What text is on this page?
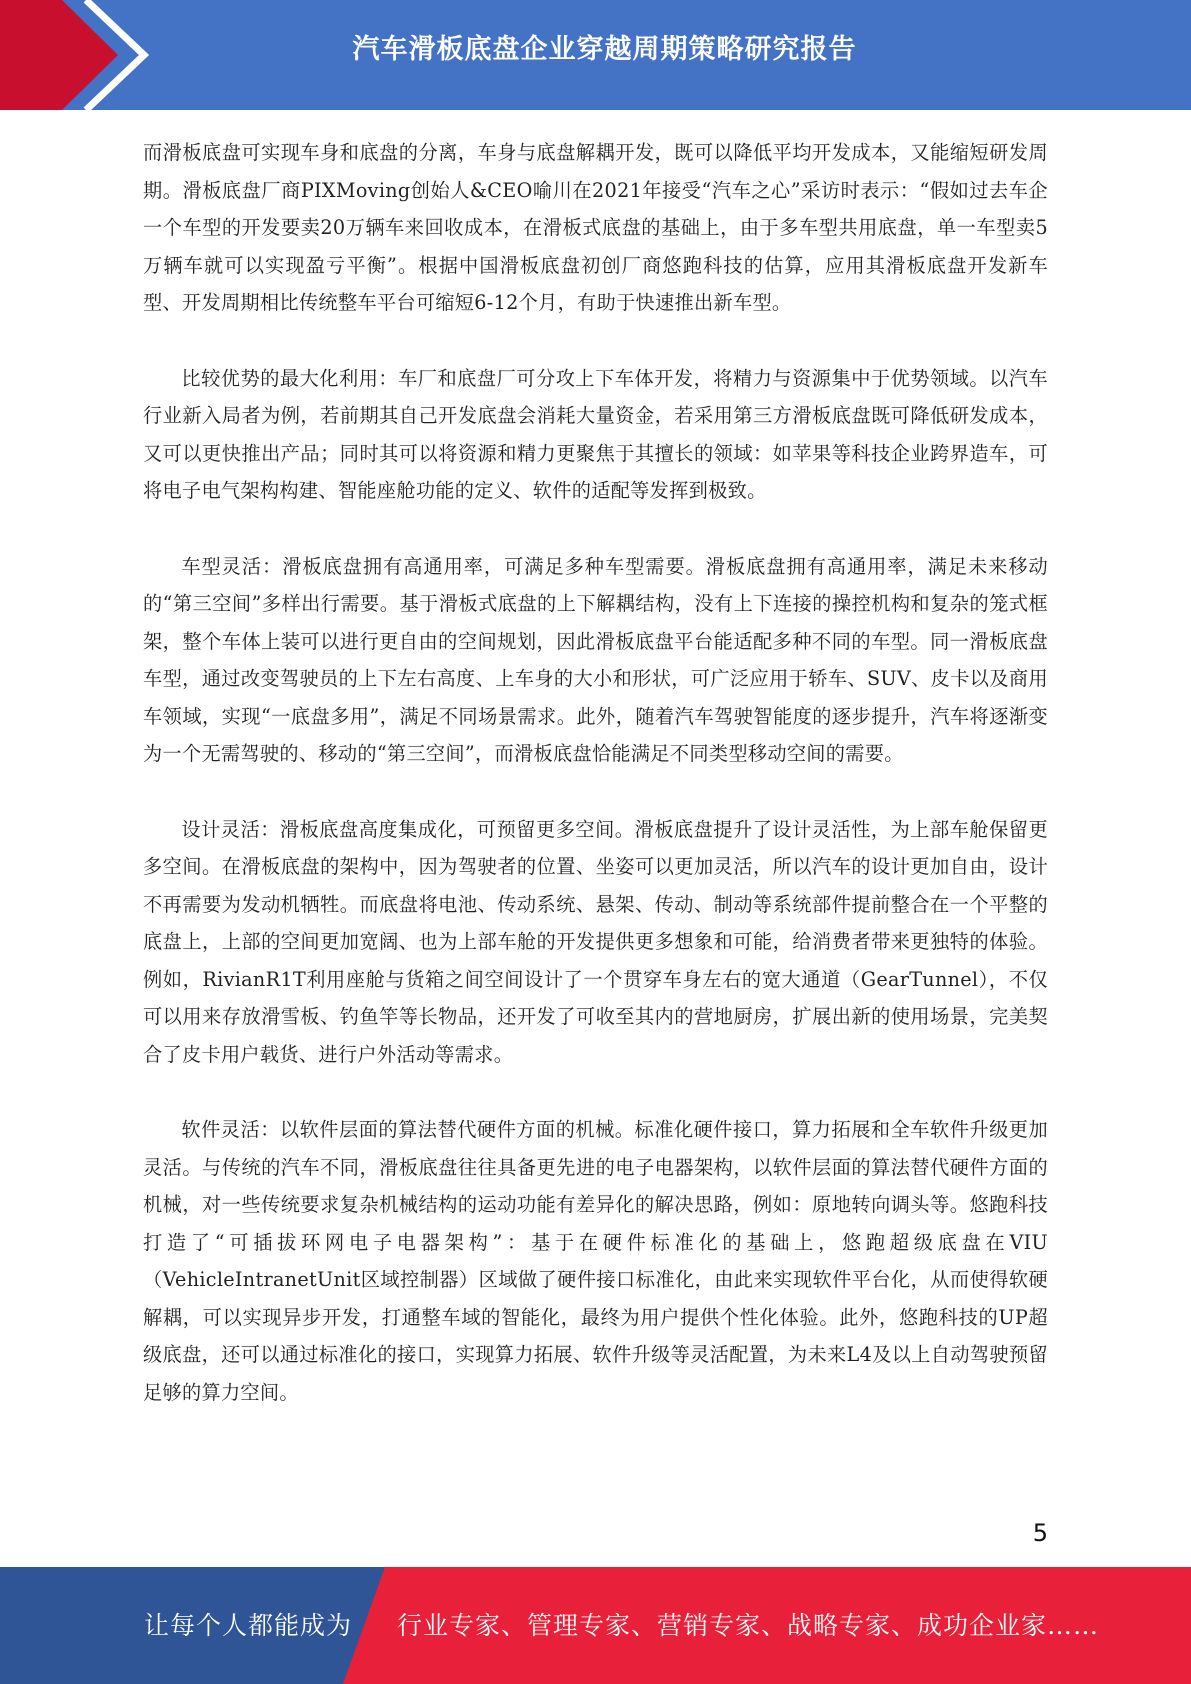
汽车滑板底盘企业穿越周期策略研究报告

而滑板底盘可实现车身和底盘的分离，车身与底盘解耦开发，既可以降低平均开发成本，又能缩短研发周期。滑板底盘厂商PIXMoving创始人&CEO喻川在2021年接受“汽车之心”采访时表示：“假如过去车企一个车型的开发要卖20万辆车来回收成本，在滑板式底盘的基础上，由于多车型共用底盘，单一车型卖5万辆车就可以实现盈亏平衡”。根据中国滑板底盘初创厂商悠跑科技的估算，应用其滑板底盘开发新车型、开发周期相比传统整车平台可缩短6-12个月，有助于快速推出新车型。

比较优势的最大化利用：车厂和底盘厂可分攻上下车体开发，将精力与资源集中于优势领域。以汽车行业新入局者为例，若前期其自己开发底盘会消耗大量资金，若采用第三方滑板底盘既可降低研发成本，又可以更快推出产品；同时其可以将资源和精力更聚焦于其擅长的领域：如苹果等科技企业跨界造车，可将电子电气架构构建、智能座舱功能的定义、软件的适配等发挥到极致。

车型灵活：滑板底盘拥有高通用率，可满足多种车型需要。滑板底盘拥有高通用率，满足未来移动的“第三空间”多样出行需要。基于滑板式底盘的上下解耦结构，没有上下连接的操控机构和复杂的笼式框架，整个车体上装可以进行更自由的空间规划，因此滑板底盘平台能适配多种不同的车型。同一滑板底盘车型，通过改变驾驶员的上下左右高度、上车身的大小和形状，可广泛应用于轿车、SUV、皮卡以及商用车领域，实现“一底盘多用”，满足不同场景需求。此外，随着汽车驾驶智能度的逐步提升，汽车将逐渐变为一个无需驾驶的、移动的“第三空间”，而滑板底盘恰能满足不同类型移动空间的需要。

设计灵活：滑板底盘高度集成化，可预留更多空间。滑板底盘提升了设计灵活性，为上部车舱保留更多空间。在滑板底盘的架构中，因为驾驶者的位置、坐姿可以更加灵活，所以汽车的设计更加自由，设计不再需要为发动机牺牲。而底盘将电池、传动系统、悬架、传动、制动等系统部件提前整合在一个平整的底盘上，上部的空间更加宽阔、也为上部车舱的开发提供更多想象和可能，给消费者带来更独特的体验。例如，RivianR1T利用座舱与货箱之间空间设计了一个贯穿车身左右的宽大通道（GearTunnel），不仅可以用来存放滑雪板、钓鱼竿等长物品，还开发了可收至其内的营地厨房，扩展出新的使用场景，完美契合了皮卡用户载货、进行户外活动等需求。

软件灵活：以软件层面的算法替代硬件方面的机械。标准化硬件接口，算力拓展和全车软件升级更加灵活。与传统的汽车不同，滑板底盘往往具备更先进的电子电器架构，以软件层面的算法替代硬件方面的机械，对一些传统要求复杂机械结构的运动功能有差异化的解决思路，例如：原地转向调头等。悠跑科技打造了“可插拔环网电子电器架构”：基于在硬件标准化的基础上，悠跑超级底盘在VIU（VehicleIntranetUnit区域控制器）区域做了硬件接口标准化，由此来实现软件平台化，从而使得软硬解耦，可以实现异步开发，打通整车域的智能化，最终为用户提供个性化体验。此外，悠跑科技的UP超级底盘，还可以通过标准化的接口，实现算力拓展、软件升级等灵活配置，为未来L4及以上自动驾驶预留足够的算力空间。

5
让每个人都能成为 行业专家、管理专家、营销专家、战略专家、成功企业家……
